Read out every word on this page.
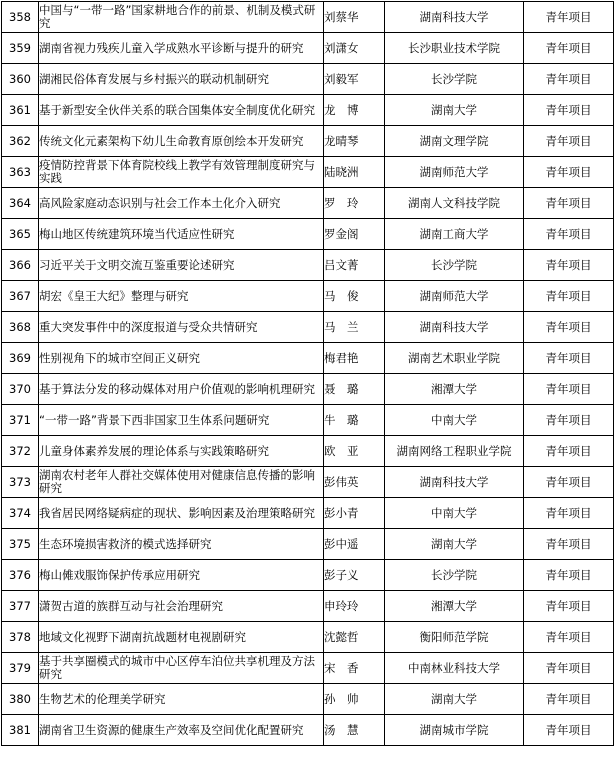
358	中国与“一带一路”国家耕地合作的前景、机制及模式研究	刘蔡华	湖南科技大学	青年项目
359	湖南省视力残疾儿童入学成熟水平诊断与提升的研究	刘潇女	长沙职业技术学院	青年项目
360	湖湘民俗体育发展与乡村振兴的联动机制研究	刘毅军	长沙学院	青年项目
361	基于新型安全伙伴关系的联合国集体安全制度优化研究	龙　博	湖南大学	青年项目
362	传统文化元素架构下幼儿生命教育原创绘本开发研究	龙晴琴	湖南文理学院	青年项目
363	疫情防控背景下体育院校线上教学有效管理制度研究与实践	陆晓洲	湖南师范大学	青年项目
364	高风险家庭动态识别与社会工作本土化介入研究	罗　玲	湖南人文科技学院	青年项目
365	梅山地区传统建筑环境当代适应性研究	罗金阁	湖南工商大学	青年项目
366	习近平关于文明交流互鉴重要论述研究	吕文菁	长沙学院	青年项目
367	胡宏《皇王大纪》整理与研究	马　俊	湖南师范大学	青年项目
368	重大突发事件中的深度报道与受众共情研究	马　兰	湖南科技大学	青年项目
369	性别视角下的城市空间正义研究	梅君艳	湖南艺术职业学院	青年项目
370	基于算法分发的移动媒体对用户价值观的影响机理研究	聂　璐	湘潭大学	青年项目
371	“一带一路”背景下西非国家卫生体系问题研究	牛　璐	中南大学	青年项目
372	儿童身体素养发展的理论体系与实践策略研究	欧　亚	湖南网络工程职业学院	青年项目
373	湖南农村老年人群社交媒体使用对健康信息传播的影响研究	彭伟英	湖南科技大学	青年项目
374	我省居民网络疑病症的现状、影响因素及治理策略研究	彭小青	中南大学	青年项目
375	生态环境损害救济的模式选择研究	彭中遥	湖南大学	青年项目
376	梅山傩戏服饰保护传承应用研究	彭子义	长沙学院	青年项目
377	潇贺古道的族群互动与社会治理研究	申玲玲	湘潭大学	青年项目
378	地域文化视野下湖南抗战题材电视剧研究	沈懿哲	衡阳师范学院	青年项目
379	基于共享圈模式的城市中心区停车泊位共享机理及方法研究	宋　香	中南林业科技大学	青年项目
380	生物艺术的伦理美学研究	孙　帅	湖南大学	青年项目
381	湖南省卫生资源的健康生产效率及空间优化配置研究	汤　慧	湖南城市学院	青年项目
